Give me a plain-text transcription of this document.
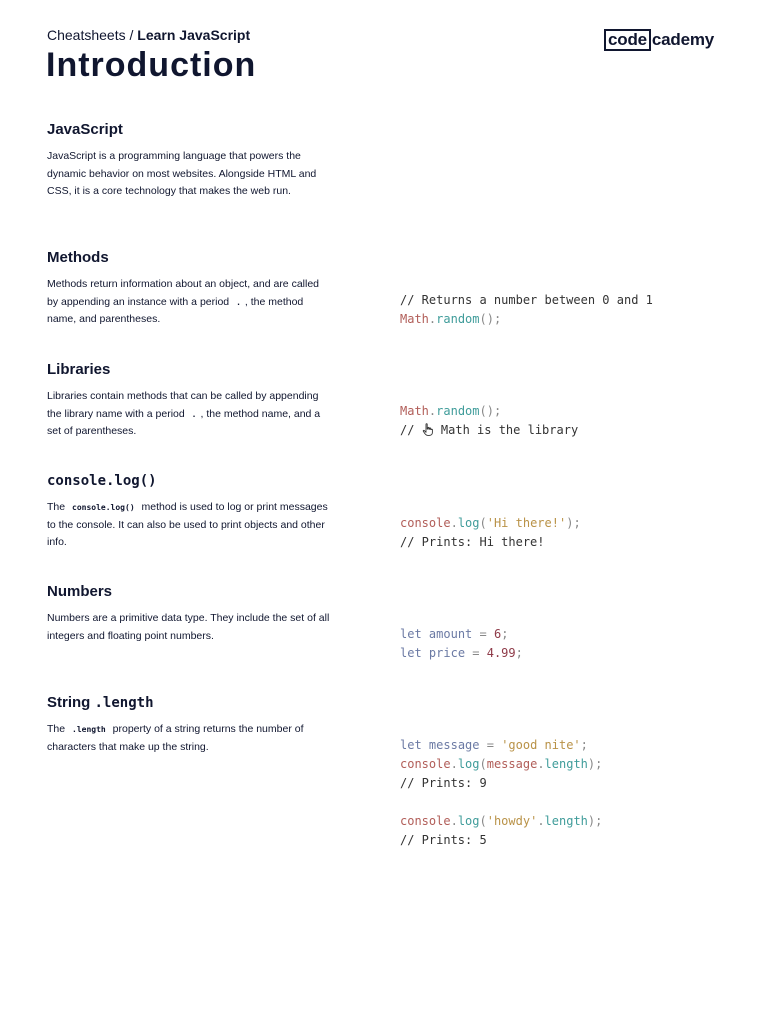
Cheatsheets / Learn JavaScript	code cademy
Introduction
JavaScript

JavaScript is a programming language that powers the dynamic behavior on most websites. Alongside HTML and CSS, it is a core technology that makes the web run.

Methods

Methods return information about an object, and are called by appending an instance with a period . , the method name, and parentheses.

// Returns a number between 0 and 1
Math.random();
Libraries

Libraries contain methods that can be called by appending the library name with a period . , the method name, and a set of parentheses.

Math.random();
//  Math is the library
console.log()

The console.log() method is used to log or print messages to the console. It can also be used to print objects and other info.

console.log('Hi there!');
// Prints: Hi there!
Numbers

Numbers are a primitive data type. They include the set of all integers and floating point numbers.	let amount = 6;
let price = 4.99;
String .length

The .length property of a string returns the number of characters that make up the string.	let message = 'good nite';
console.log(message.length);
// Prints: 9

console.log('howdy'.length);
// Prints: 5
